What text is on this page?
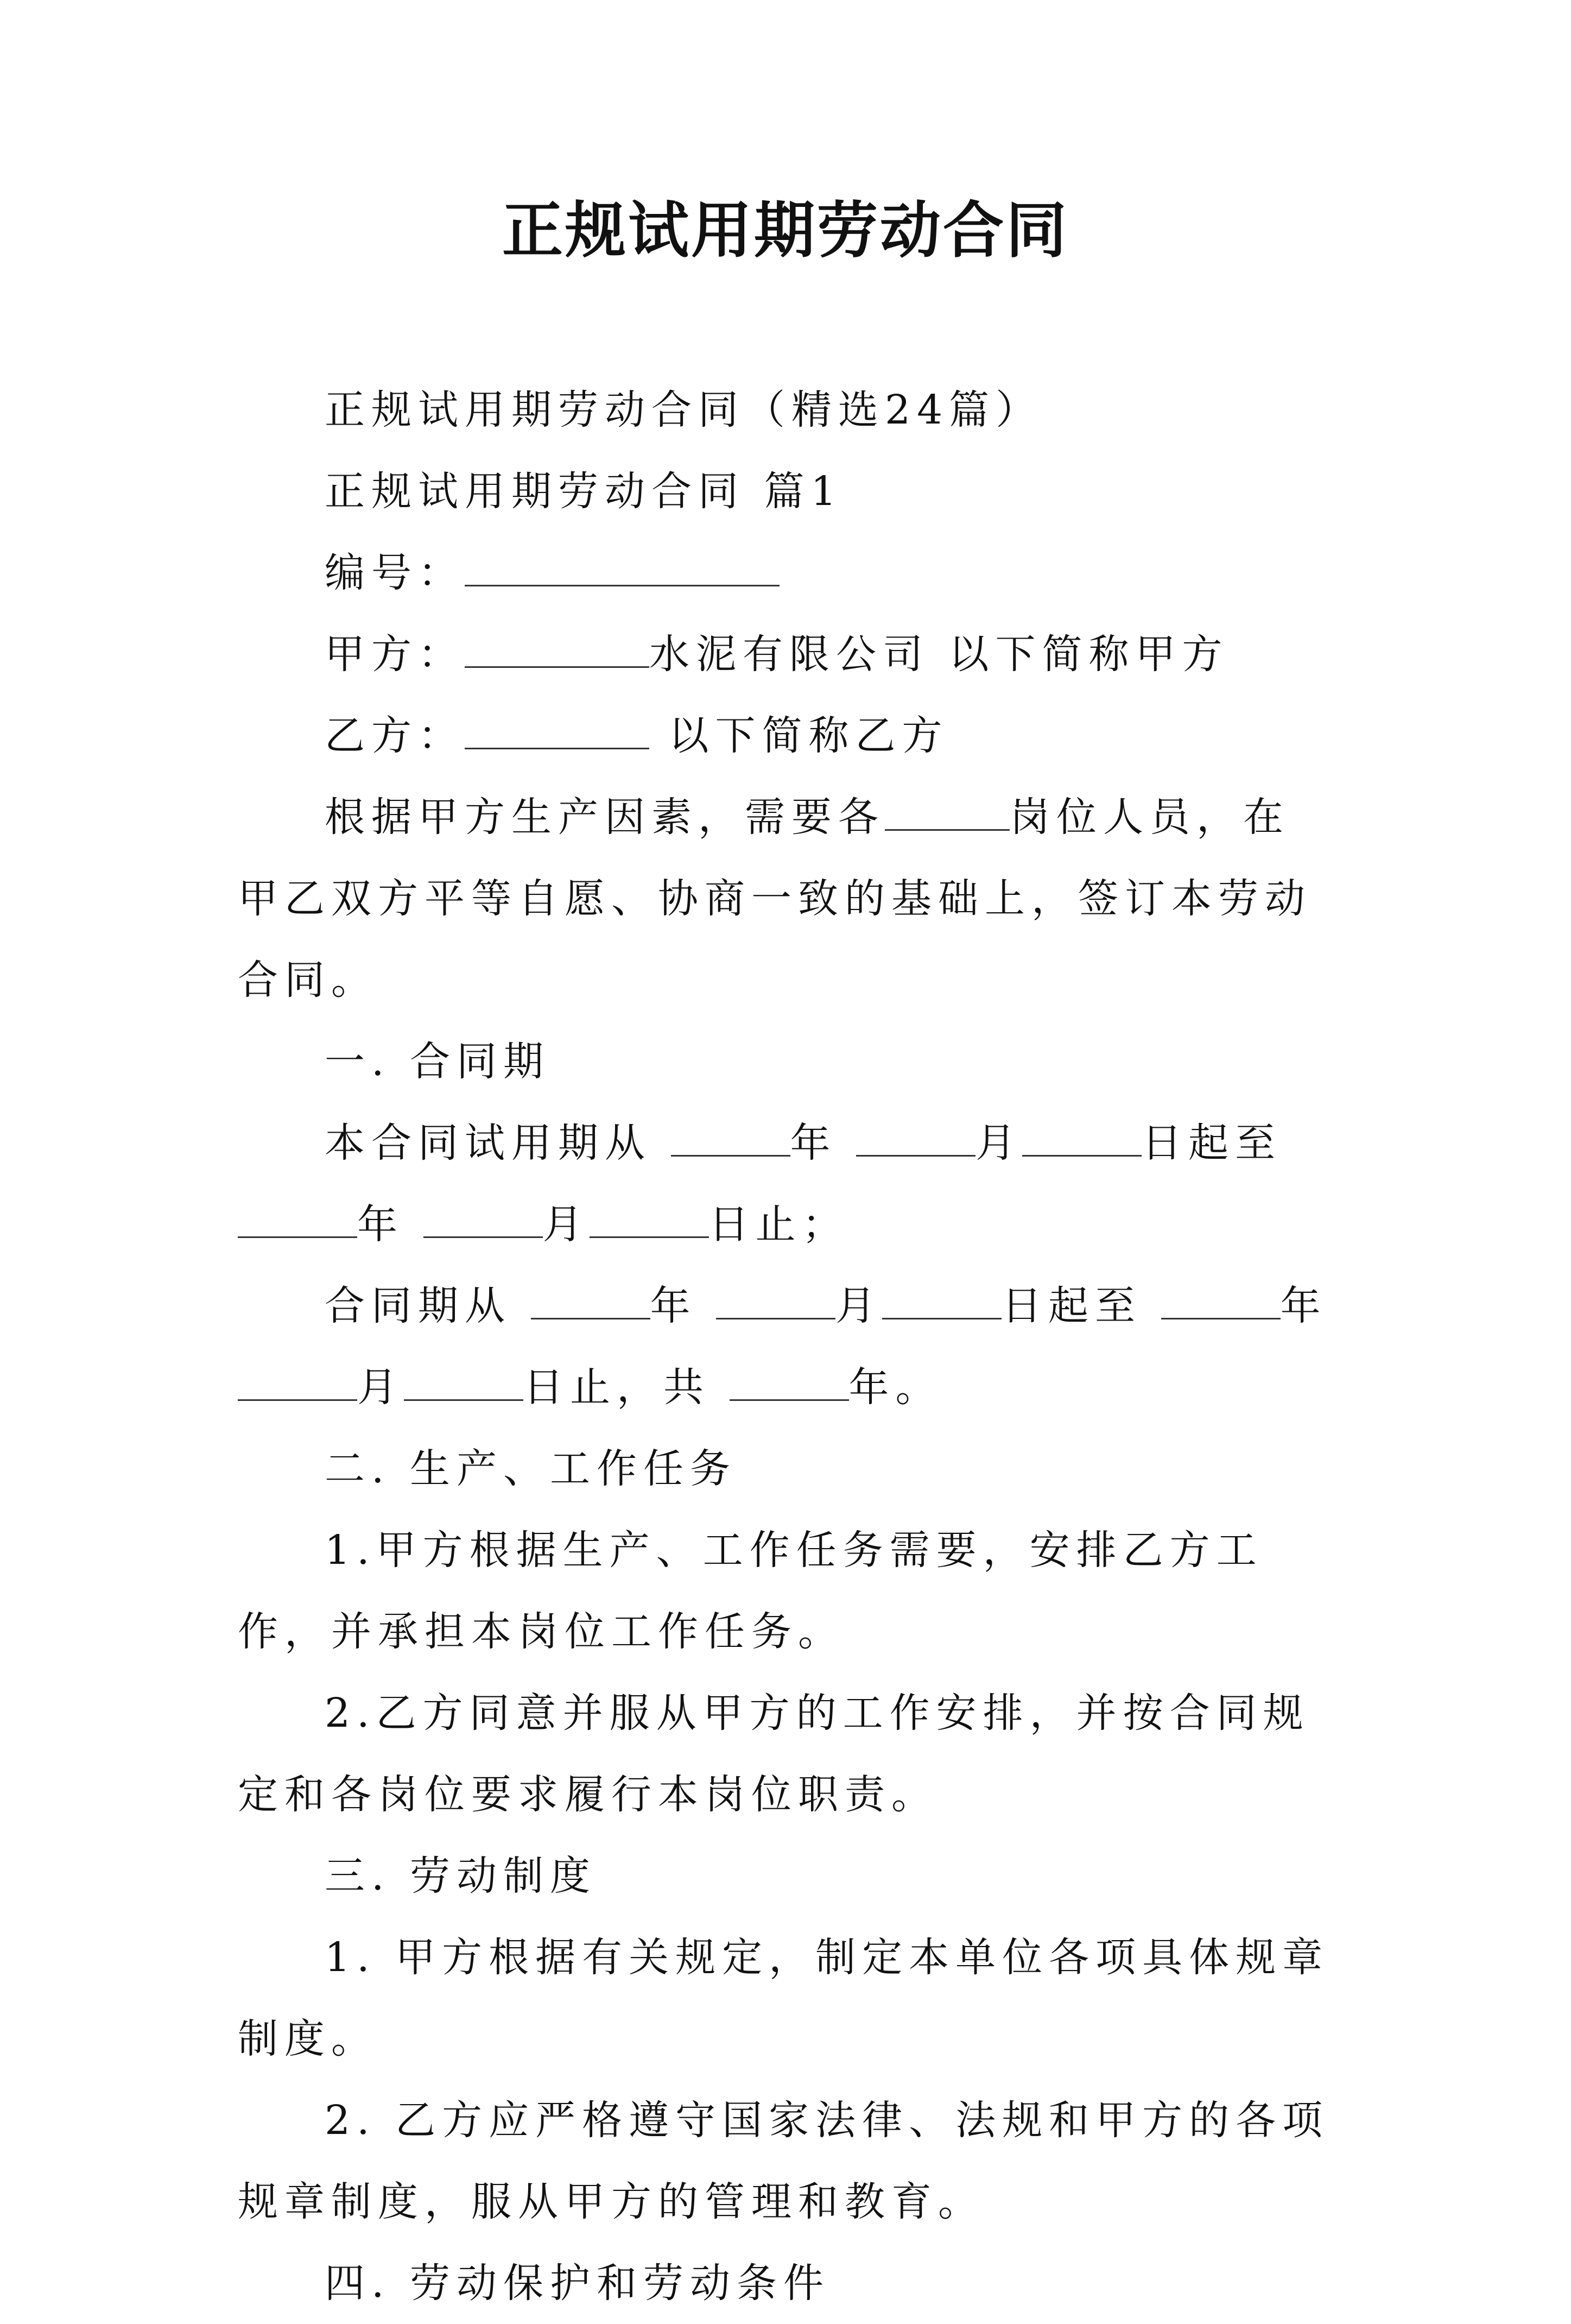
正规试用期劳动合同

正规试用期劳动合同（精选24篇）

正规试用期劳动合同 篇1

编号：

甲方：	水泥有限公司 以下简称甲方

乙方：	以下简称乙方

根据甲方生产因素，需要各	岗位人员，在甲乙双方平等自愿、协商一致的基础上，签订本劳动合同。

一. 合同期

本合同试用期从	年	月	日起至年	月	日止；

合同期从	年	月	日起至	年月	日止，共	年。

二. 生产、工作任务

1.甲方根据生产、工作任务需要，安排乙方工作，并承担本岗位工作任务。

2.乙方同意并服从甲方的工作安排，并按合同规定和各岗位要求履行本岗位职责。

三. 劳动制度

1. 甲方根据有关规定，制定本单位各项具体规章制度。

2. 乙方应严格遵守国家法律、法规和甲方的各项规章制度，服从甲方的管理和教育。

四. 劳动保护和劳动条件
